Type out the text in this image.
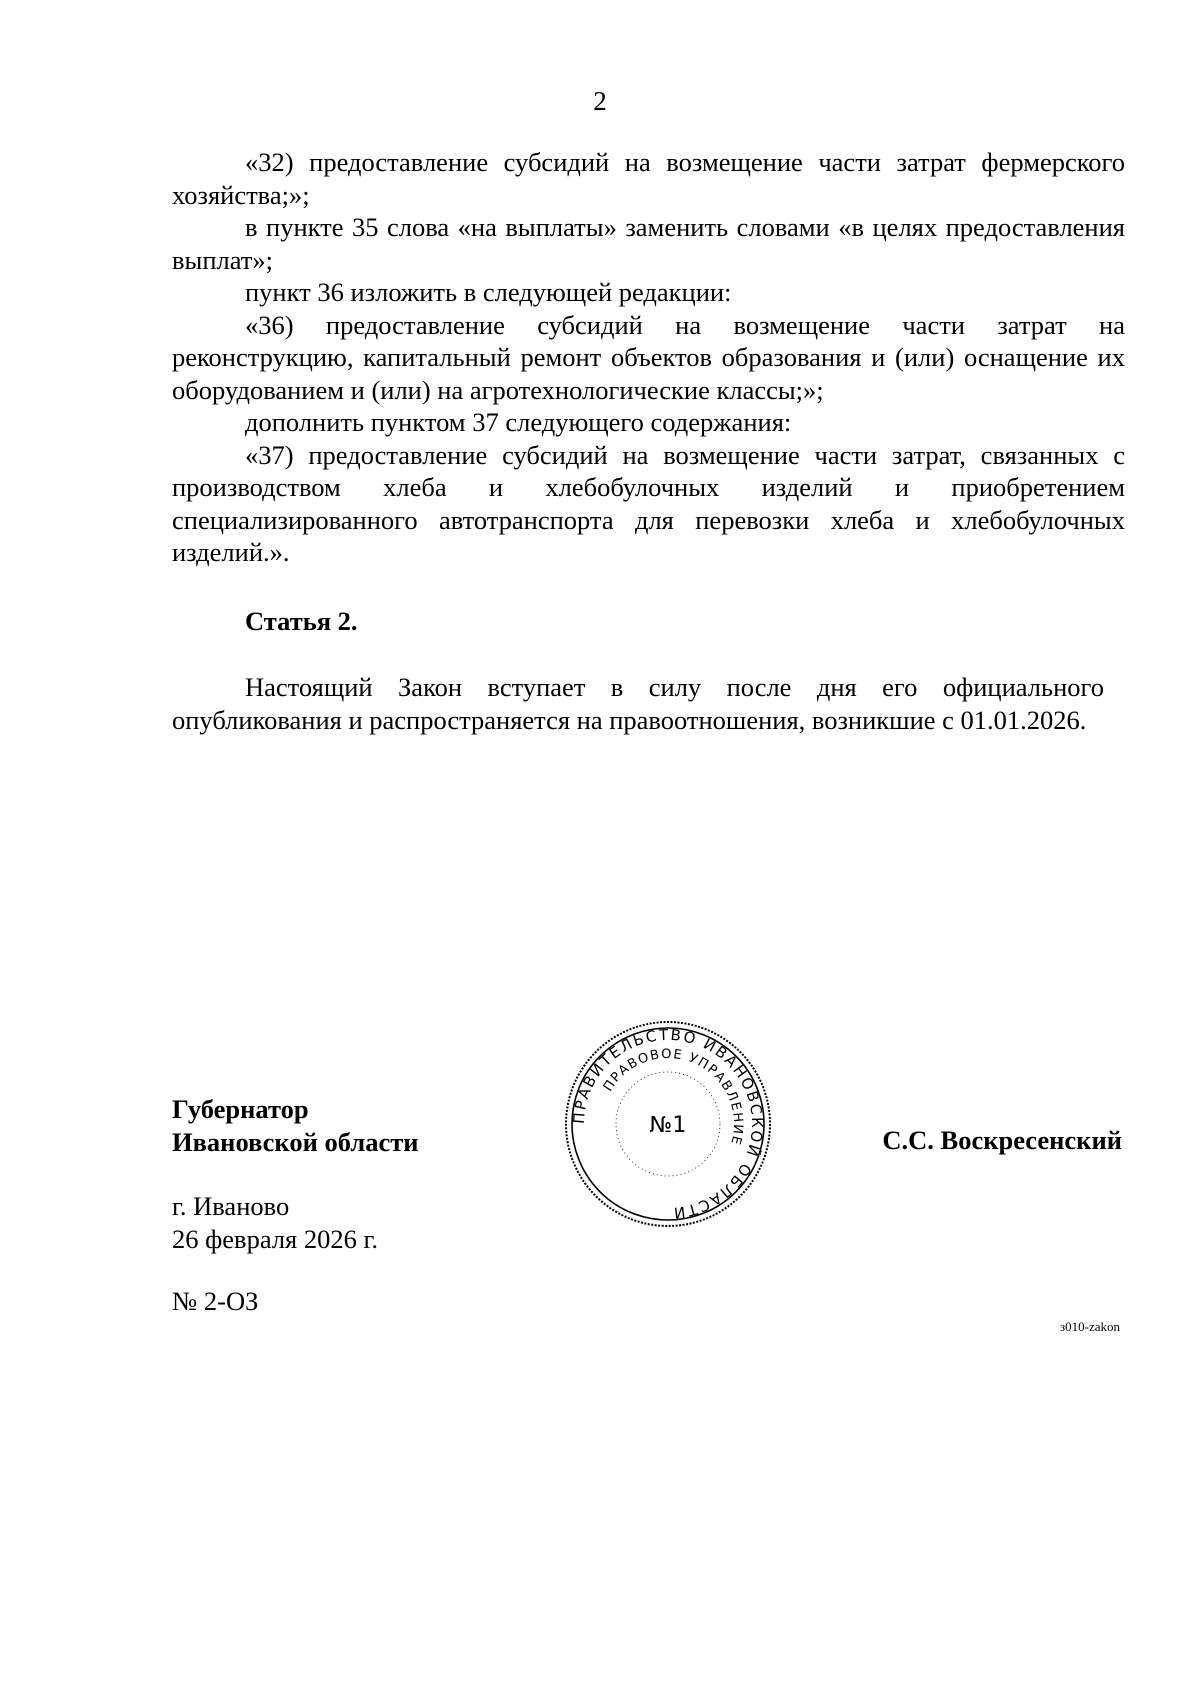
2

«32) предоставление субсидий на возмещение части затрат фермерского хозяйства;»;

в пункте 35 слова «на выплаты» заменить словами «в целях предоставления выплат»;

пункт 36 изложить в следующей редакции:

«36) предоставление субсидий на возмещение части затрат на реконструкцию, капитальный ремонт объектов образования и (или) оснащение их оборудованием и (или) на агротехнологические классы;»;

дополнить пунктом 37 следующего содержания:

«37) предоставление субсидий на возмещение части затрат, связанных с производством хлеба и хлебобулочных изделий и приобретением специализированного автотранспорта для перевозки хлеба и хлебобулочных изделий.».

Статья 2.

Настоящий Закон вступает в силу после дня его официального опубликования и распространяется на правоотношения, возникшие с 01.01.2026.

Губернатор
Ивановской области
ПРАВИТЕЛЬСТВО ИВАНОВСКОЙ ОБЛАСТИ
ПРАВОВОЕ УПРАВЛЕНИЕ
№1	С.С. Воскресенский
г. Иваново
26 февраля 2026 г.
№ 2-ОЗ
з010-zakon
